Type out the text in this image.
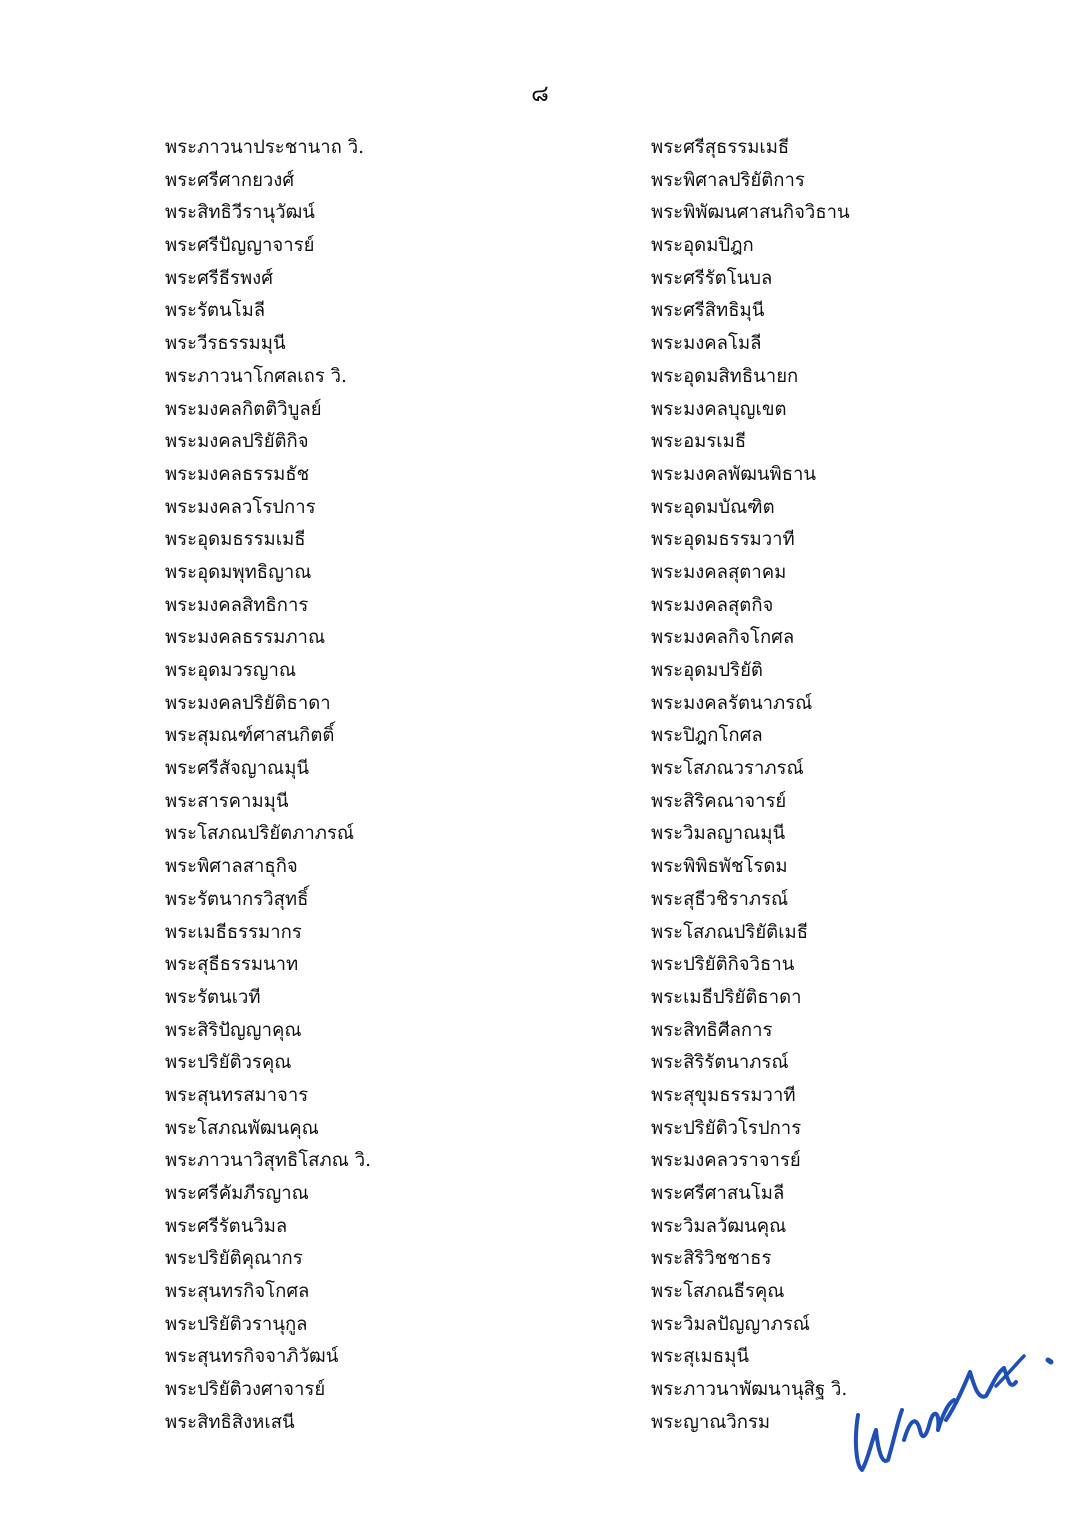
๘
พระภาวนาประชานาถ วิ.
พระศรีศากยวงศ์
พระสิทธิวีรานุวัฒน์
พระศรีปัญญาจารย์
พระศรีธีรพงศ์
พระรัตนโมลี
พระวีรธรรมมุนี
พระภาวนาโกศลเถร วิ.
พระมงคลกิตติวิบูลย์
พระมงคลปริยัติกิจ
พระมงคลธรรมธัช
พระมงคลวโรปการ
พระอุดมธรรมเมธี
พระอุดมพุทธิญาณ
พระมงคลสิทธิการ
พระมงคลธรรมภาณ
พระอุดมวรญาณ
พระมงคลปริยัติธาดา
พระสุมณฑ์ศาสนกิตติ์
พระศรีสัจญาณมุนี
พระสารคามมุนี
พระโสภณปริยัตภาภรณ์
พระพิศาลสาธุกิจ
พระรัตนากรวิสุทธิ์
พระเมธีธรรมากร
พระสุธีธรรมนาท
พระรัตนเวที
พระสิริปัญญาคุณ
พระปริยัติวรคุณ
พระสุนทรสมาจาร
พระโสภณพัฒนคุณ
พระภาวนาวิสุทธิโสภณ วิ.
พระศรีคัมภีรญาณ
พระศรีรัตนวิมล
พระปริยัติคุณากร
พระสุนทรกิจโกศล
พระปริยัติวรานุกูล
พระสุนทรกิจจาภิวัฒน์
พระปริยัติวงศาจารย์
พระสิทธิสิงหเสนี
พระศรีสุธรรมเมธี
พระพิศาลปริยัติการ
พระพิพัฒนศาสนกิจวิธาน
พระอุดมปิฎก
พระศรีรัตโนบล
พระศรีสิทธิมุนี
พระมงคลโมลี
พระอุดมสิทธินายก
พระมงคลบุญเขต
พระอมรเมธี
พระมงคลพัฒนพิธาน
พระอุดมบัณฑิต
พระอุดมธรรมวาที
พระมงคลสุตาคม
พระมงคลสุตกิจ
พระมงคลกิจโกศล
พระอุดมปริยัติ
พระมงคลรัตนาภรณ์
พระปิฎกโกศล
พระโสภณวราภรณ์
พระสิริคณาจารย์
พระวิมลญาณมุนี
พระพิพิธพัชโรดม
พระสุธีวชิราภรณ์
พระโสภณปริยัติเมธี
พระปริยัติกิจวิธาน
พระเมธีปริยัติธาดา
พระสิทธิศีลการ
พระสิริรัตนาภรณ์
พระสุขุมธรรมวาที
พระปริยัติวโรปการ
พระมงคลวราจารย์
พระศรีศาสนโมลี
พระวิมลวัฒนคุณ
พระสิริวิชชาธร
พระโสภณธีรคุณ
พระวิมลปัญญาภรณ์
พระสุเมธมุนี
พระภาวนาพัฒนานุสิฐ วิ.
พระญาณวิกรม
